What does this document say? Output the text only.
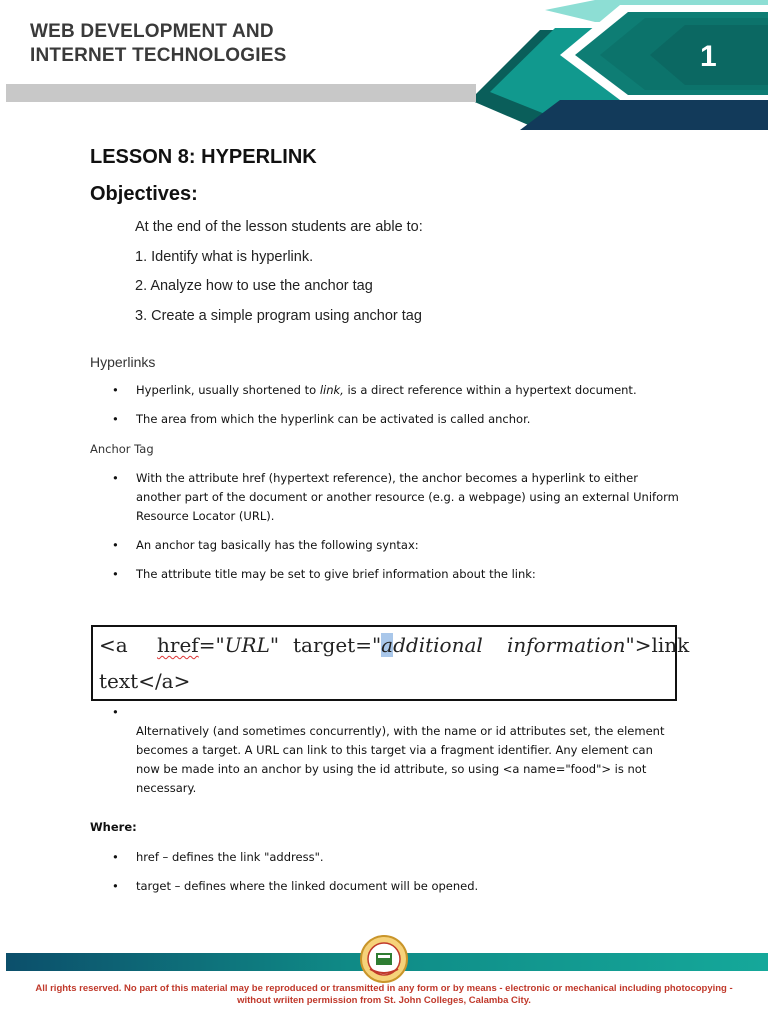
WEB DEVELOPMENT AND
INTERNET TECHNOLOGIES	1
LESSON 8: HYPERLINK
Objectives:
At the end of the lesson students are able to:
1. Identify what is hyperlink.
2. Analyze how to use the anchor tag
3. Create a simple program using anchor tag
Hyperlinks
• Hyperlink, usually shortened to link, is a direct reference within a hypertext document.
• The area from which the hyperlink can be activated is called anchor.
Anchor Tag
• With the attribute href (hypertext reference), the anchor becomes a hyperlink to either another part of the document or another resource (e.g. a webpage) using an external Uniform Resource Locator (URL).
• An anchor tag basically has the following syntax:
• The attribute title may be set to give brief information about the link:
<a href="URL" target="additional information">link
text</a>
•
Alternatively (and sometimes concurrently), with the name or id attributes set, the element becomes a target. A URL can link to this target via a fragment identifier. Any element can now be made into an anchor by using the id attribute, so using <a name="food"> is not necessary.
Where:
• href – defines the link "address".
• target – defines where the linked document will be opened.
All rights reserved. No part of this material may be reproduced or transmitted in any form or by means - electronic or mechanical including photocopying -
without wriiten permission from St. John Colleges, Calamba City.
